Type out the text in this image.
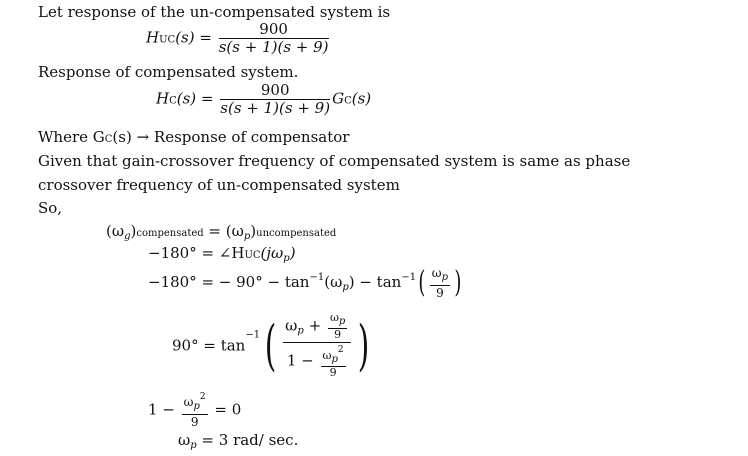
Let response of the un-compensated system is
$HUC(s) = \frac{900}{s(s + 1)(s + 9)}$
Response of compensated system.
$HC(s) = \frac{900}{s(s + 1)(s + 9)} GC(s)$
Where GC(s) → Response of compensator
Given that gain-crossover frequency of compensated system is same as phase
crossover frequency of un-compensated system
So,
$(\omega_g)compensated$ = $(\omega_p)uncompensated$
$-180^\circ = \angle HUC(j\omega_p)$
−180° = − $90^\circ - \tan^{-1}(\omega_p) - \tan^{-1}( \frac{\omega_p}{9}$ )
$90^\circ = \tan^{-1}( \frac{\omega_p + \frac{\omega p}{9}}{1 - \frac{\omega p^2}{9}}$ )
$1 - \frac{\omega_p^2}{9} = 0$
$\omega_p = 3$ rad/ sec.
